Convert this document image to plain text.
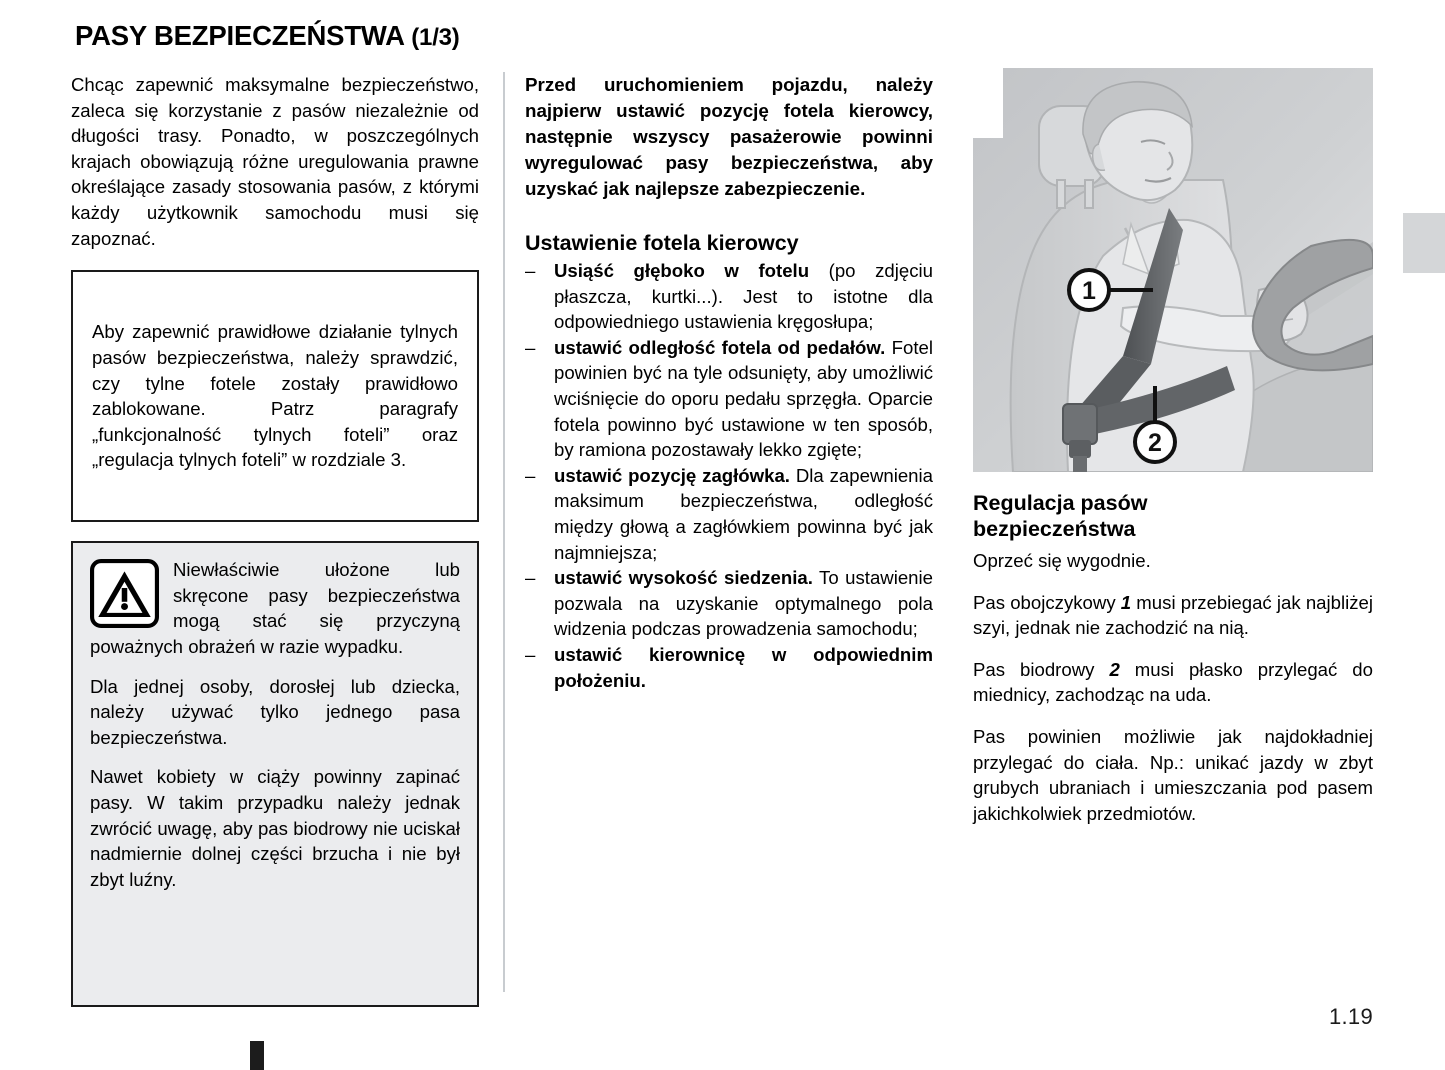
PASY BEZPIECZEŃSTWA (1/3)

Chcąc zapewnić maksymalne bezpieczeństwo, zaleca się korzystanie z pasów niezależnie od długości trasy. Ponadto, w poszczególnych krajach obowiązują różne uregulowania prawne określające zasady stosowania pasów, z którymi każdy użytkownik samochodu musi się zapoznać.

Aby zapewnić prawidłowe działanie tylnych pasów bezpieczeństwa, należy sprawdzić, czy tylne fotele zostały prawidłowo zablokowane. Patrz paragrafy „funkcjonalność tylnych foteli” oraz „regulacja tylnych foteli” w rozdziale 3.

Niewłaściwie ułożone lub skręcone pasy bezpieczeństwa mogą stać się przyczyną poważnych obrażeń w razie wypadku.

Dla jednej osoby, dorosłej lub dziecka, należy używać tylko jednego pasa bezpieczeństwa.

Nawet kobiety w ciąży powinny zapinać pasy. W takim przypadku należy jednak zwrócić uwagę, aby pas biodrowy nie uciskał nadmiernie dolnej części brzucha i nie był zbyt luźny.

Przed uruchomieniem pojazdu, należy najpierw ustawić pozycję fotela kierowcy, następnie wszyscy pasażerowie powinni wyregulować pasy bezpieczeństwa, aby uzyskać jak najlepsze zabezpieczenie.

Ustawienie fotela kierowcy
– Usiąść głęboko w fotelu (po zdjęciu płaszcza, kurtki...). Jest to istotne dla odpowiedniego ustawienia kręgosłupa;
– ustawić odległość fotela od pedałów. Fotel powinien być na tyle odsunięty, aby umożliwić wciśnięcie do oporu pedału sprzęgła. Oparcie fotela powinno być ustawione w ten sposób, by ramiona pozostawały lekko zgięte;
– ustawić pozycję zagłówka. Dla zapewnienia maksimum bezpieczeństwa, odległość między głową a zagłówkiem powinna być jak najmniejsza;
– ustawić wysokość siedzenia. To ustawienie pozwala na uzyskanie optymalnego pola widzenia podczas prowadzenia samochodu;
– ustawić kierownicę w odpowiednim położeniu.
1
2
Regulacja pasów
bezpieczeństwa

Oprzeć się wygodnie.

Pas obojczykowy 1 musi przebiegać jak najbliżej szyi, jednak nie zachodzić na nią.

Pas biodrowy 2 musi płasko przylegać do miednicy, zachodząc na uda.

Pas powinien możliwie jak najdokładniej przylegać do ciała. Np.: unikać jazdy w zbyt grubych ubraniach i umieszczania pod pasem jakichkolwiek przedmiotów.

1.19
